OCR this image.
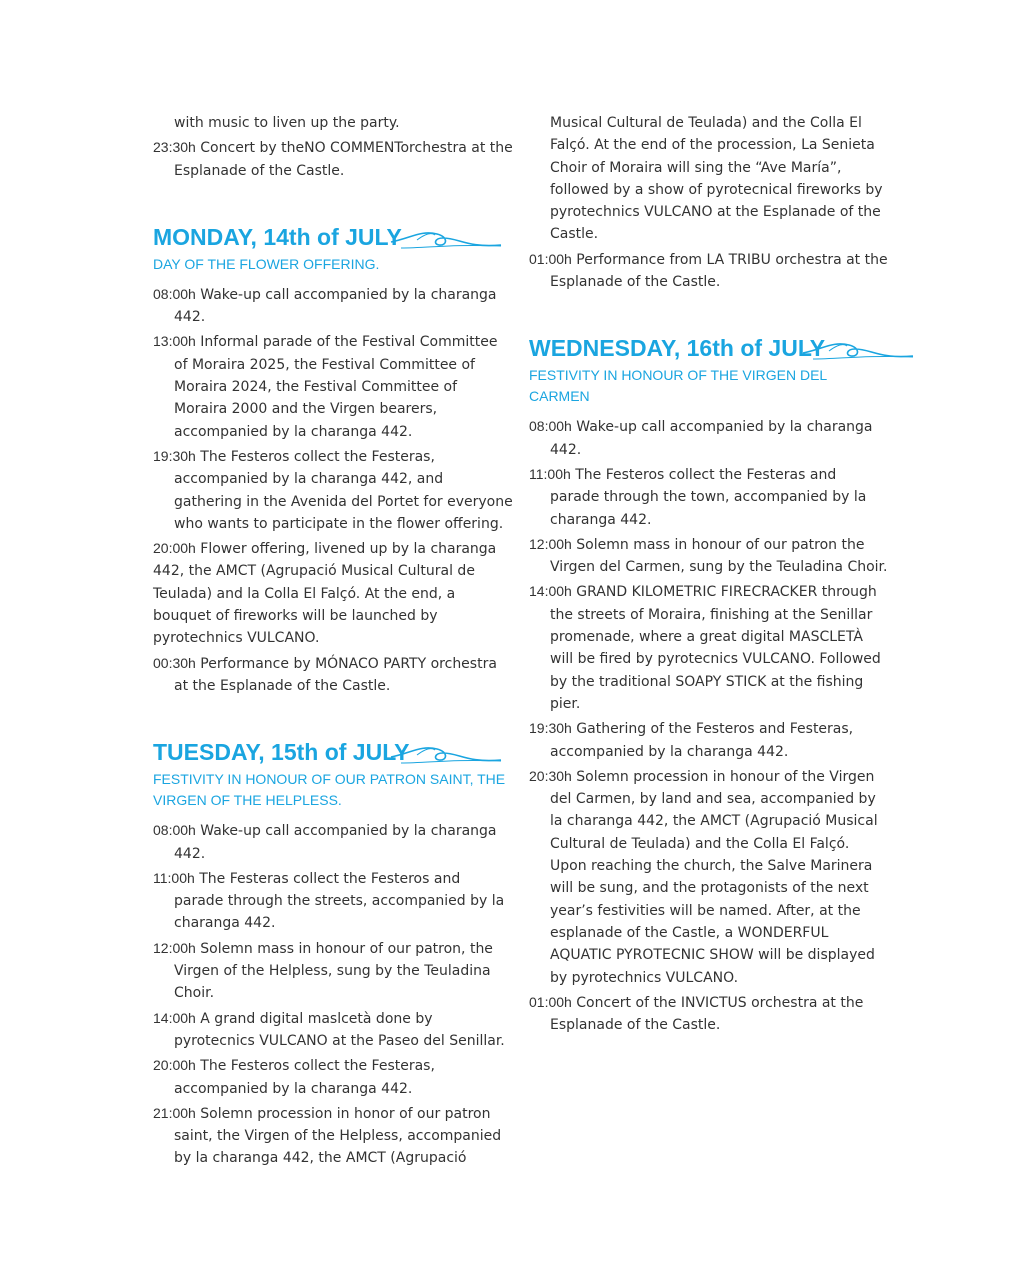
with music to liven up the party.

23:30h Concert by theNO COMMENTorchestra at the Esplanade of the Castle.

MONDAY, 14th of JULY
DAY OF THE FLOWER OFFERING.

08:00h Wake-up call accompanied by la charanga 442.

13:00h Informal parade of the Festival Committee of Moraira 2025, the Festival Committee of Moraira 2024, the Festival Committee of Moraira 2000 and the Virgen bearers, accompanied by la charanga 442.

19:30h The Festeros collect the Festeras, accompanied by la charanga 442, and gathering in the Avenida del Portet for everyone who wants to participate in the flower offering.

20:00h Flower offering, livened up by la charanga 442, the AMCT (Agrupació Musical Cultural de Teulada) and la Colla El Falçó. At the end, a bouquet of fireworks will be launched by pyrotechnics VULCANO.

00:30h Performance by MÓNACO PARTY orchestra at the Esplanade of the Castle.

TUESDAY, 15th of JULY
FESTIVITY IN HONOUR OF OUR PATRON SAINT, THE VIRGEN OF THE HELPLESS.

08:00h Wake-up call accompanied by la charanga 442.

11:00h The Festeras collect the Festeros and parade through the streets, accompanied by la charanga 442.

12:00h Solemn mass in honour of our patron, the Virgen of the Helpless, sung by the Teuladina Choir.

14:00h A grand digital maslcetà done by pyrotecnics VULCANO at the Paseo del Senillar.

20:00h The Festeros collect the Festeras, accompanied by la charanga 442.

21:00h Solemn procession in honor of our patron saint, the Virgen of the Helpless, accompanied by la charanga 442, the AMCT (Agrupació

Musical Cultural de Teulada) and the Colla El Falçó. At the end of the procession, La Senieta Choir of Moraira will sing the “Ave María”, followed by a show of pyrotecnical fireworks by pyrotechnics VULCANO at the Esplanade of the Castle.

01:00h Performance from LA TRIBU orchestra at the Esplanade of the Castle.

WEDNESDAY, 16th of JULY
FESTIVITY IN HONOUR OF THE VIRGEN DEL CARMEN

08:00h Wake-up call accompanied by la charanga 442.

11:00h The Festeros collect the Festeras and parade through the town, accompanied by la charanga 442.

12:00h Solemn mass in honour of our patron the Virgen del Carmen, sung by the Teuladina Choir.

14:00h GRAND KILOMETRIC FIRECRACKER through the streets of Moraira, finishing at the Senillar promenade, where a great digital MASCLETÀ will be fired by pyrotecnics VULCANO. Followed by the traditional SOAPY STICK at the fishing pier.

19:30h Gathering of the Festeros and Festeras, accompanied by la charanga 442.

20:30h Solemn procession in honour of the Virgen del Carmen, by land and sea, accompanied by la charanga 442, the AMCT (Agrupació Musical Cultural de Teulada) and the Colla El Falçó. Upon reaching the church, the Salve Marinera will be sung, and the protagonists of the next year’s festivities will be named. After, at the esplanade of the Castle, a WONDERFUL AQUATIC PYROTECNIC SHOW will be displayed by pyrotechnics VULCANO.

01:00h Concert of the INVICTUS orchestra at the Esplanade of the Castle.
